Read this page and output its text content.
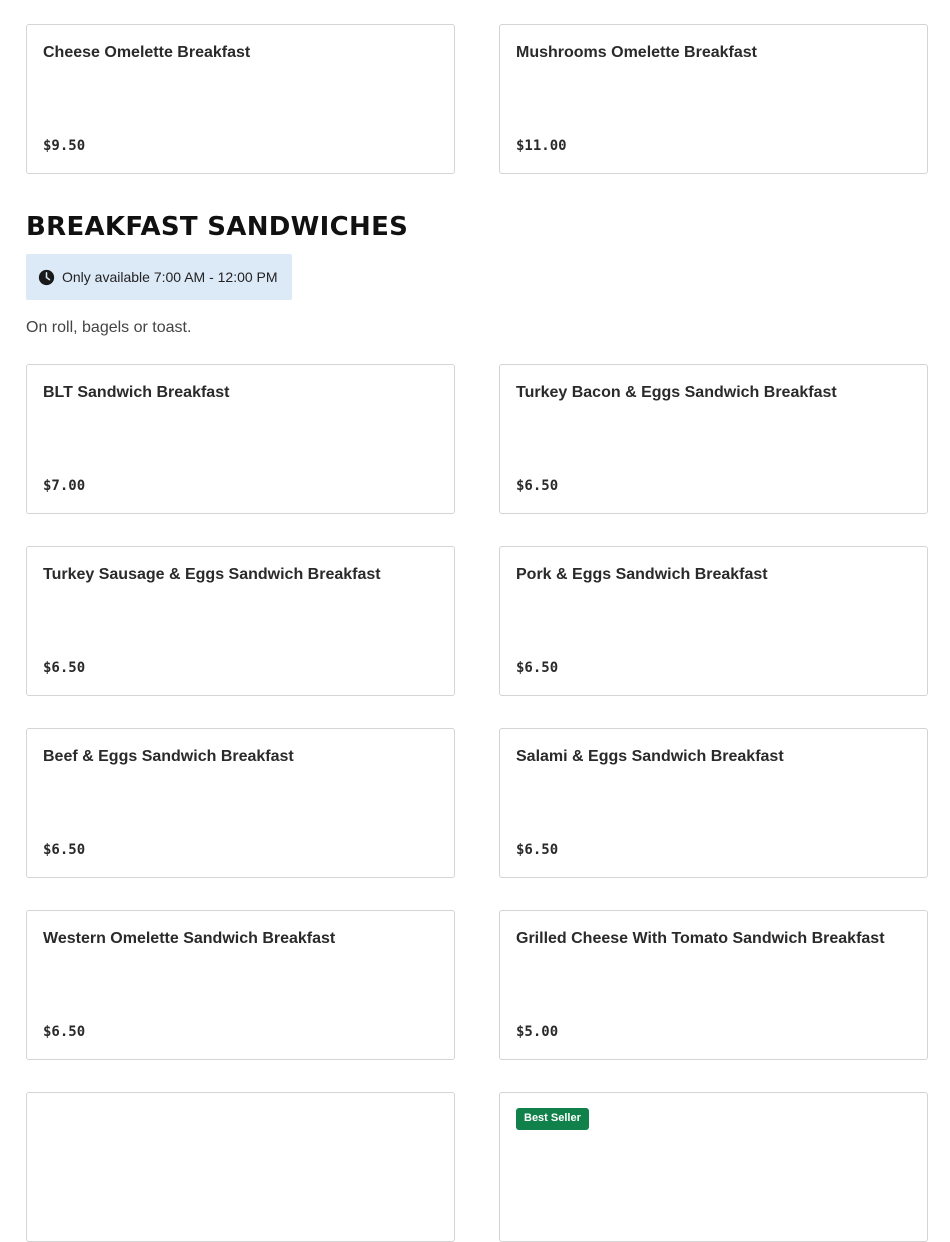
Cheese Omelette Breakfast
$9.50
Mushrooms Omelette Breakfast
$11.00
BREAKFAST SANDWICHES
Only available 7:00 AM - 12:00 PM
On roll, bagels or toast.
BLT Sandwich Breakfast
$7.00
Turkey Bacon & Eggs Sandwich Breakfast
$6.50
Turkey Sausage & Eggs Sandwich Breakfast
$6.50
Pork & Eggs Sandwich Breakfast
$6.50
Beef & Eggs Sandwich Breakfast
$6.50
Salami & Eggs Sandwich Breakfast
$6.50
Western Omelette Sandwich Breakfast
$6.50
Grilled Cheese With Tomato Sandwich Breakfast
$5.00
Best Seller
